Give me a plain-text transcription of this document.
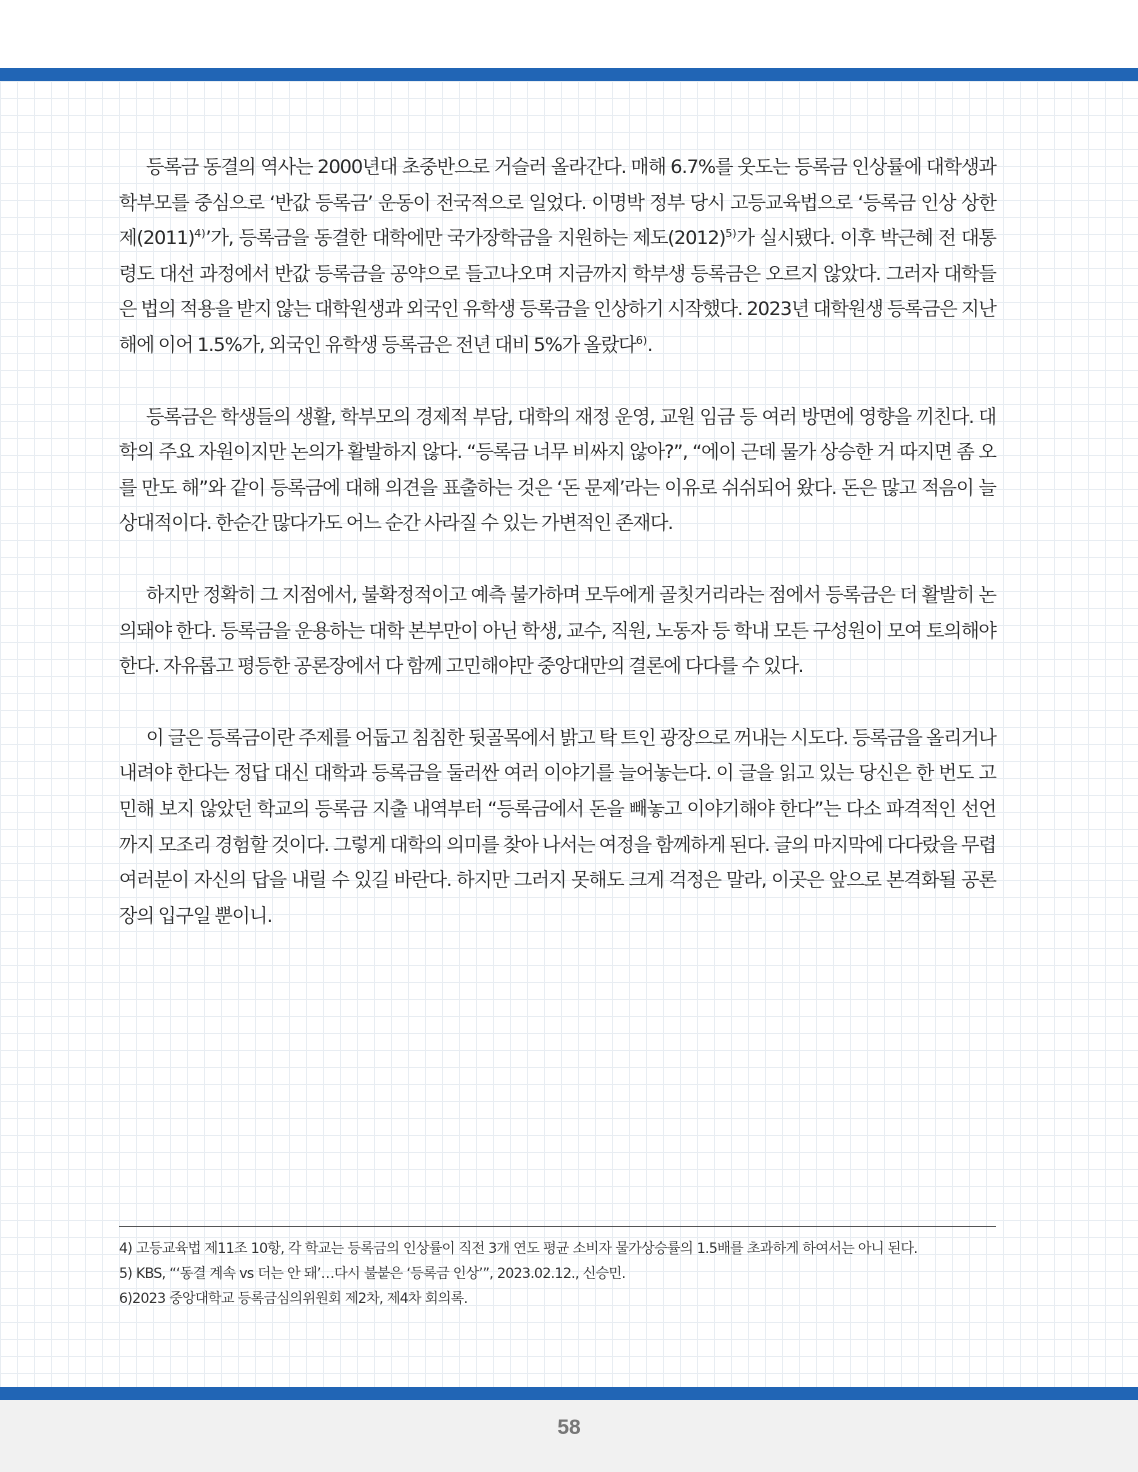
등록금 동결의 역사는 2000년대 초중반으로 거슬러 올라간다. 매해 6.7%를 웃도는 등록금 인상률에 대학생과 학부모를 중심으로 ‘반값 등록금’ 운동이 전국적으로 일었다. 이명박 정부 당시 고등교육법으로 ‘등록금 인상 상한제$(2011)^{4)}$’가, 등록금을 동결한 대학에만 국가장학금을 지원하는 제도$(2012)^{5)}$가 실시됐다. 이후 박근혜 전 대통령도 대선 과정에서 반값 등록금을 공약으로 들고나오며 지금까지 학부생 등록금은 오르지 않았다. 그러자 대학들은 법의 적용을 받지 않는 대학원생과 외국인 유학생 등록금을 인상하기 시작했다. 2023년 대학원생 등록금은 지난해에 이어 1.5%가, 외국인 유학생 등록금은 전년 대비 5%가 올랐다$^{6)}$.

등록금은 학생들의 생활, 학부모의 경제적 부담, 대학의 재정 운영, 교원 임금 등 여러 방면에 영향을 끼친다. 대학의 주요 자원이지만 논의가 활발하지 않다. “등록금 너무 비싸지 않아?”, “에이 근데 물가 상승한 거 따지면 좀 오를 만도 해”와 같이 등록금에 대해 의견을 표출하는 것은 ‘돈 문제’라는 이유로 쉬쉬되어 왔다. 돈은 많고 적음이 늘 상대적이다. 한순간 많다가도 어느 순간 사라질 수 있는 가변적인 존재다.

하지만 정확히 그 지점에서, 불확정적이고 예측 불가하며 모두에게 골칫거리라는 점에서 등록금은 더 활발히 논의돼야 한다. 등록금을 운용하는 대학 본부만이 아닌 학생, 교수, 직원, 노동자 등 학내 모든 구성원이 모여 토의해야 한다. 자유롭고 평등한 공론장에서 다 함께 고민해야만 중앙대만의 결론에 다다를 수 있다.

이 글은 등록금이란 주제를 어둡고 침침한 뒷골목에서 밝고 탁 트인 광장으로 꺼내는 시도다. 등록금을 올리거나 내려야 한다는 정답 대신 대학과 등록금을 둘러싼 여러 이야기를 늘어놓는다. 이 글을 읽고 있는 당신은 한 번도 고민해 보지 않았던 학교의 등록금 지출 내역부터 “등록금에서 돈을 빼놓고 이야기해야 한다”는 다소 파격적인 선언까지 모조리 경험할 것이다. 그렇게 대학의 의미를 찾아 나서는 여정을 함께하게 된다. 글의 마지막에 다다랐을 무렵 여러분이 자신의 답을 내릴 수 있길 바란다. 하지만 그러지 못해도 크게 걱정은 말라, 이곳은 앞으로 본격화될 공론장의 입구일 뿐이니.

4) 고등교육법 제11조 10항, 각 학교는 등록금의 인상률이 직전 3개 연도 평균 소비자 물가상승률의 1.5배를 초과하게 하여서는 아니 된다.
5) KBS, “‘동결 계속 vs 더는 안 돼’…다시 불붙은 ‘등록금 인상’”, 2023.02.12., 신승민.
6)2023 중앙대학교 등록금심의위원회 제2차, 제4차 회의록.
58
